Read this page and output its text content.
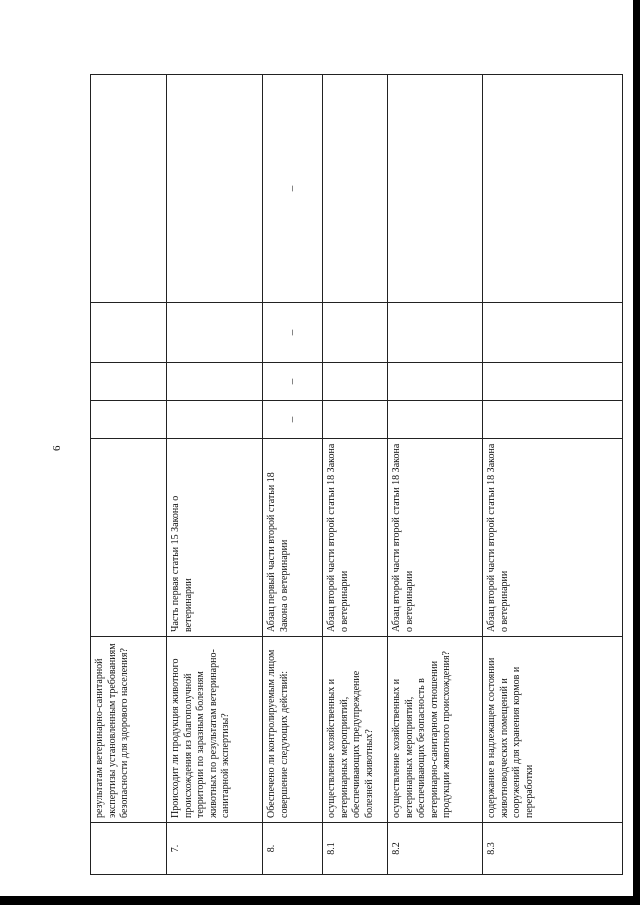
6
	результатам ветеринарно-санитарной экспертизы установленным требованиям безопасности для здорового населения?					
7.	Происходит ли продукция животного происхождения из благополучной территории по заразным болезням животных по результатам ветеринарно-санитарной экспертизы?	Часть первая статьи 15 Закона о ветеринарии				
8.	Обеспечено ли контролируемым лицом совершение следующих действий:	Абзац первый части второй статьи 18 Закона о ветеринарии	–	–	–	–
8.1	осуществление хозяйственных и ветеринарных мероприятий, обеспечивающих предупреждение болезней животных?	Абзац второй части второй статьи 18 Закона о ветеринарии				
8.2	осуществление хозяйственных и ветеринарных мероприятий, обеспечивающих безопасность в ветеринарно-санитарном отношении продукции животного происхождения?	Абзац второй части второй статьи 18 Закона о ветеринарии				
8.3	содержание в надлежащем состоянии животноводческих помещений и сооружений для хранения кормов и переработки	Абзац второй части второй статьи 18 Закона о ветеринарии				
